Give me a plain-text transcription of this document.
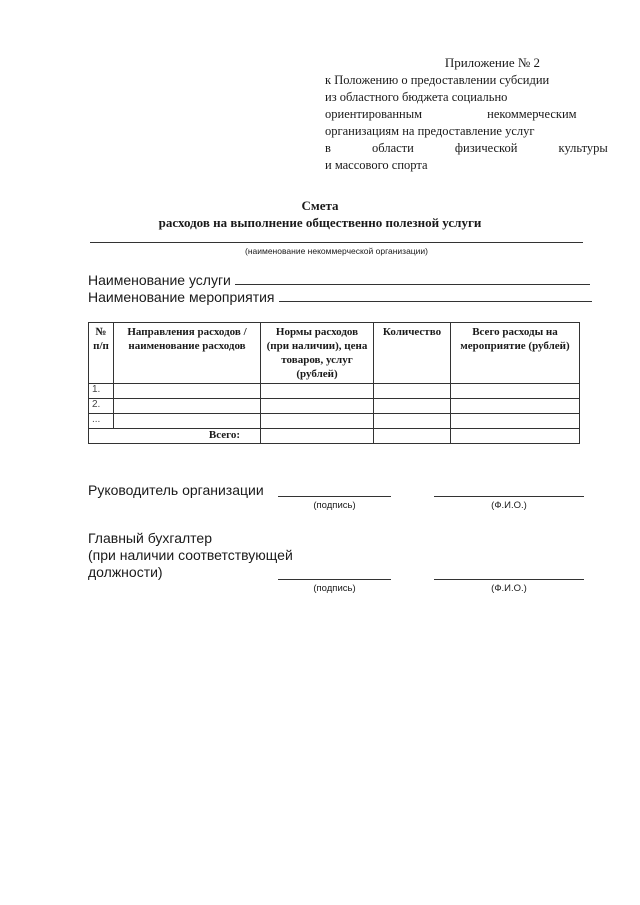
Приложение № 2
к Положению о предоставлении субсидии
из областного бюджета социально
ориентированным некоммерческим
организациям на предоставление услуг
в области физической культуры
и массового спорта
Смета
расходов на выполнение общественно полезной услуги
(наименование некоммерческой организации)
Наименование услуги
Наименование мероприятия
№ п/п	Направления расходов / наименование расходов	Нормы расходов (при наличии), цена товаров, услуг (рублей)	Количество	Всего расходы на мероприятие (рублей)
1.				
2.				
...				
Всего:				
Руководитель организации
(подпись)	(Ф.И.О.)
Главный бухгалтер
(при наличии соответствующей
должности)
(подпись)	(Ф.И.О.)
